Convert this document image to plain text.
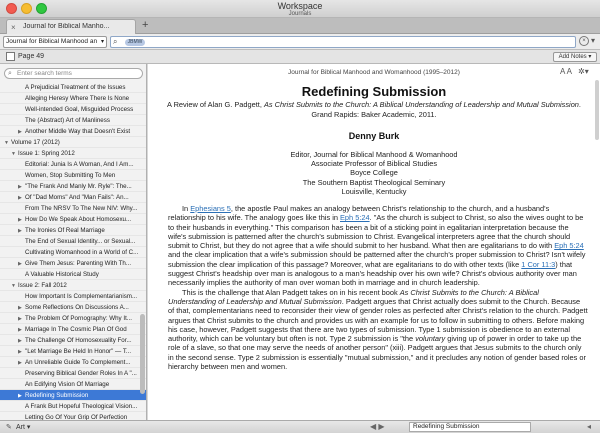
Workspace
Journals
× Journal for Biblical Manho...	+
Journal for Biblical Manhood an ▾ ⌕	JBMW	× ▾
Page 49	Add Notes ▾
⌕ Enter search terms
A Prejudicial Treatment of the Issues
Alleging Heresy Where There Is None
Well-intended Goal, Misguided Process
The (Abstract) Art of Manliness
▶ Another Middle Way that Doesn't Exist
▼ Volume 17 (2012)
▼ Issue 1: Spring 2012
Editorial: Junia Is A Woman, And I Am...
Women, Stop Submitting To Men
▶ "The Frank And Manly Mr. Ryle": The...
▶ Of "Dad Moms" And "Man Fails": An...
From The NRSV To The New NIV: Why...
▶ How Do We Speak About Homosexu...
▶ The Ironies Of Real Marriage
The End of Sexual Identity... or Sexual...
Cultivating Womanhood in a World of C...
▶ Give Them Jesus: Parenting With Th...
A Valuable Historical Study
▼ Issue 2: Fall 2012
How Important Is Complementarianism...
▶ Some Reflections On Discussions A...
▶ The Problem Of Pornography: Why It...
▶ Marriage In The Cosmic Plan Of God
▶ The Challenge Of Homosexuality For...
▶ "Let Marriage Be Held In Honor" — T...
▶ An Unreliable Guide To Complement...
Preserving Biblical Gender Roles In A "...
An Edifying Vision Of Marriage
▶ Redefining Submission
A Frank But Hopeful Theological Vision...
Letting Go Of Your Grip Of Perfection
Journal for Biblical Manhood and Womanhood (1995–2012)	A A ✲▾
Redefining Submission
A Review of Alan G. Padgett, As Christ Submits to the Church: A Biblical Understanding of Leadership and Mutual Submission. Grand Rapids: Baker Academic, 2011.
Denny Burk
Editor, Journal for Biblical Manhood & Womanhood
Associate Professor of Biblical Studies
Boyce College
The Southern Baptist Theological Seminary
Louisville, Kentucky

In Ephesians 5, the apostle Paul makes an analogy between Christ's relationship to the church, and a husband's relationship to his wife. The analogy goes like this in Eph 5:24. "As the church is subject to Christ, so also the wives ought to be to their husbands in everything." This comparison has been a bit of a sticking point in egalitarian interpretation because the wife's submission is patterned after the church's submission to Christ. Evangelical interpreters agree that the church should submit to Christ, but they do not agree that a wife should submit to her husband. What then are egalitarians to do with Eph 5:24 and the clear implication that a wife's submission should be patterned after the church's proper submission to Christ? Isn't wifely submission the clear implication of this passage? Moreover, what are egalitarians to do with other texts (like 1 Cor 11:3) that suggest Christ's headship over man is analogous to a man's headship over his own wife? Christ's obvious authority over man necessarily implies the authority of man over woman both in marriage and in church leadership.

This is the challenge that Alan Padgett takes on in his recent book As Christ Submits to the Church: A Biblical Understanding of Leadership and Mutual Submission. Padgett argues that Christ actually does submit to the Church. Because of that, complementarians need to reconsider their view of gender roles as perfected after Christ's relation to the church. Padgett argues that Christ submits to the church and provides us with an example for us to follow in submitting to others. Before making his case, however, Padgett suggests that there are two types of submission. Type 1 submission is obedience to an external authority, which can be voluntary but often is not. Type 2 submission is "the voluntary giving up of power in order to take up the role of a slave, so that one may serve the needs of another person" (xiii). Padgett argues that Jesus submits to the church only in the second sense. Type 2 submission is essentially "mutual submission," and it precludes any notion of gender based roles or hierarchy between men and women.

✎ Art ▾	◀ ▶	Redefining Submission	◂
